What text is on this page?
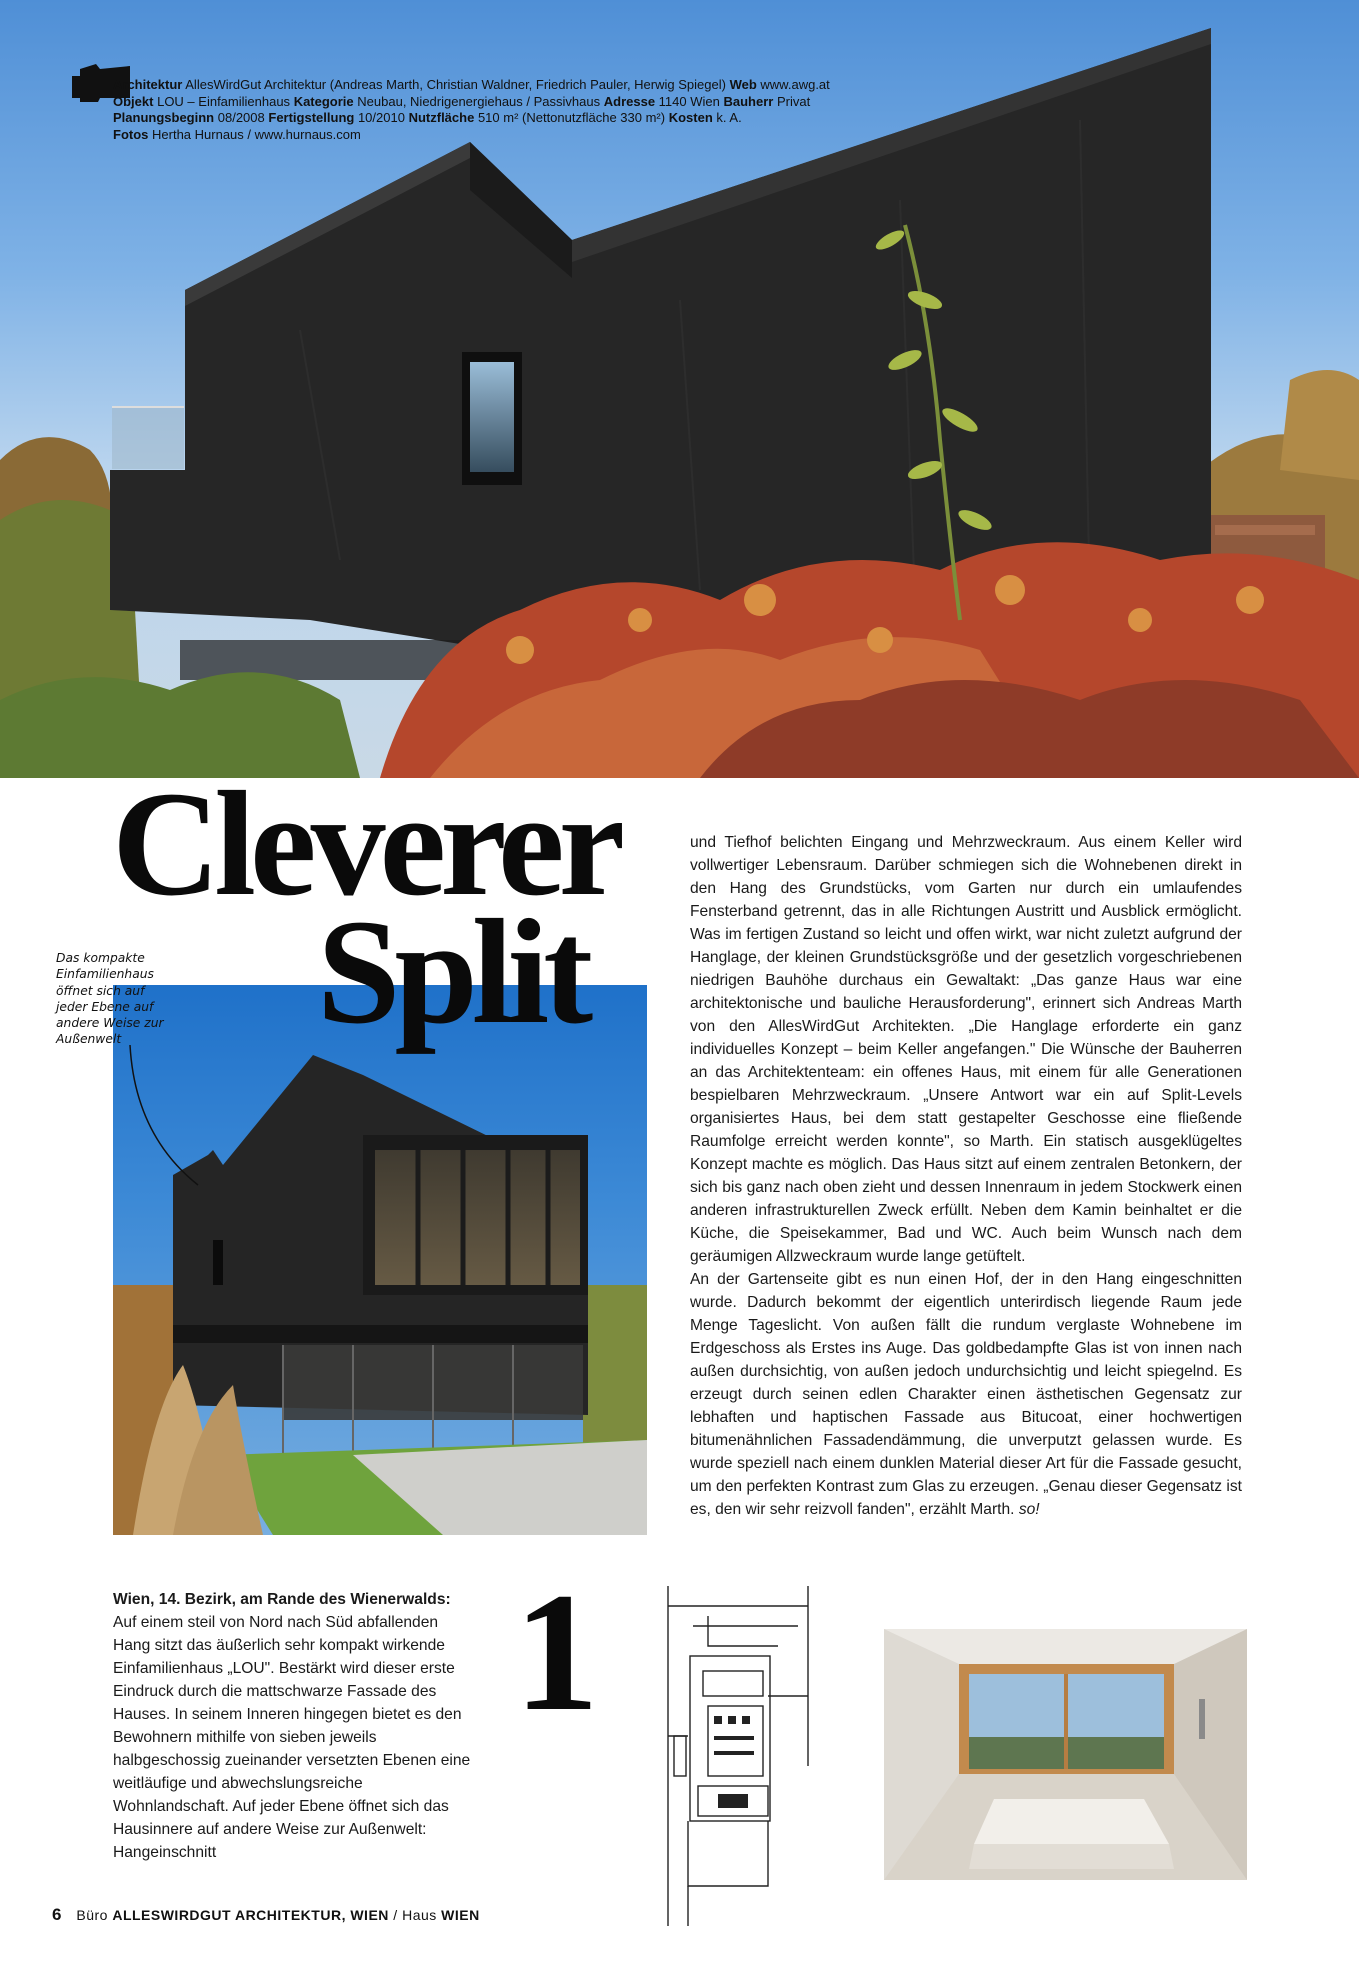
Architektur AllesWirdGut Architektur (Andreas Marth, Christian Waldner, Friedrich Pauler, Herwig Spiegel) Web www.awg.at
Objekt LOU – Einfamilienhaus Kategorie Neubau, Niedrigenergiehaus / Passivhaus Adresse 1140 Wien Bauherr Privat
Planungsbeginn 08/2008 Fertigstellung 10/2010 Nutzfläche 510 m² (Nettonutzfläche 330 m²) Kosten k. A.
Fotos Hertha Hurnaus / www.hurnaus.com
Das kompakte Einfamilienhaus öffnet sich auf jeder Ebene auf andere Weise zur Außenwelt
Cleverer
Split

und Tiefhof belichten Eingang und Mehrzweckraum. Aus einem Keller wird vollwertiger Lebensraum. Darüber schmiegen sich die Wohnebenen direkt in den Hang des Grundstücks, vom Garten nur durch ein umlaufendes Fensterband getrennt, das in alle Richtungen Austritt und Ausblick ermöglicht. Was im fertigen Zustand so leicht und offen wirkt, war nicht zuletzt aufgrund der Hanglage, der kleinen Grundstücksgröße und der gesetzlich vorgeschriebenen niedrigen Bauhöhe durchaus ein Gewaltakt: „Das ganze Haus war eine architektonische und bauliche Herausforderung", erinnert sich Andreas Marth von den AllesWirdGut Architekten. „Die Hanglage erforderte ein ganz individuelles Konzept – beim Keller angefangen." Die Wünsche der Bauherren an das Architektenteam: ein offenes Haus, mit einem für alle Generationen bespielbaren Mehrzweckraum. „Unsere Antwort war ein auf Split-Levels organisiertes Haus, bei dem statt gestapelter Geschosse eine fließende Raumfolge erreicht werden konnte", so Marth. Ein statisch ausgeklügeltes Konzept machte es möglich. Das Haus sitzt auf einem zentralen Betonkern, der sich bis ganz nach oben zieht und dessen Innenraum in jedem Stockwerk einen anderen infrastrukturellen Zweck erfüllt. Neben dem Kamin beinhaltet er die Küche, die Speisekammer, Bad und WC. Auch beim Wunsch nach dem geräumigen Allzweckraum wurde lange getüftelt.

An der Gartenseite gibt es nun einen Hof, der in den Hang eingeschnitten wurde. Dadurch bekommt der eigentlich unterirdisch liegende Raum jede Menge Tageslicht. Von außen fällt die rundum verglaste Wohnebene im Erdgeschoss als Erstes ins Auge. Das goldbedampfte Glas ist von innen nach außen durchsichtig, von außen jedoch undurchsichtig und leicht spiegelnd. Es erzeugt durch seinen edlen Charakter einen ästhetischen Gegensatz zur lebhaften und haptischen Fassade aus Bitucoat, einer hochwertigen bitumenähnlichen Fassadendämmung, die unverputzt gelassen wurde. Es wurde speziell nach einem dunklen Material dieser Art für die Fassade gesucht, um den perfekten Kontrast zum Glas zu erzeugen. „Genau dieser Gegensatz ist es, den wir sehr reizvoll fanden", erzählt Marth. so!

Wien, 14. Bezirk, am Rande des Wienerwalds: Auf einem steil von Nord nach Süd abfallenden Hang sitzt das äußerlich sehr kompakt wirkende Einfamilienhaus „LOU". Bestärkt wird dieser erste Eindruck durch die mattschwarze Fassade des Hauses. In seinem Inneren hingegen bietet es den Bewohnern mithilfe von sieben jeweils halbgeschossig zueinander versetzten Ebenen eine weitläufige und abwechslungsreiche Wohnlandschaft. Auf jeder Ebene öffnet sich das Hausinnere auf andere Weise zur Außenwelt: Hangeinschnitt
1
6 Büro ALLESWIRDGUT ARCHITEKTUR, WIEN / Haus WIEN
